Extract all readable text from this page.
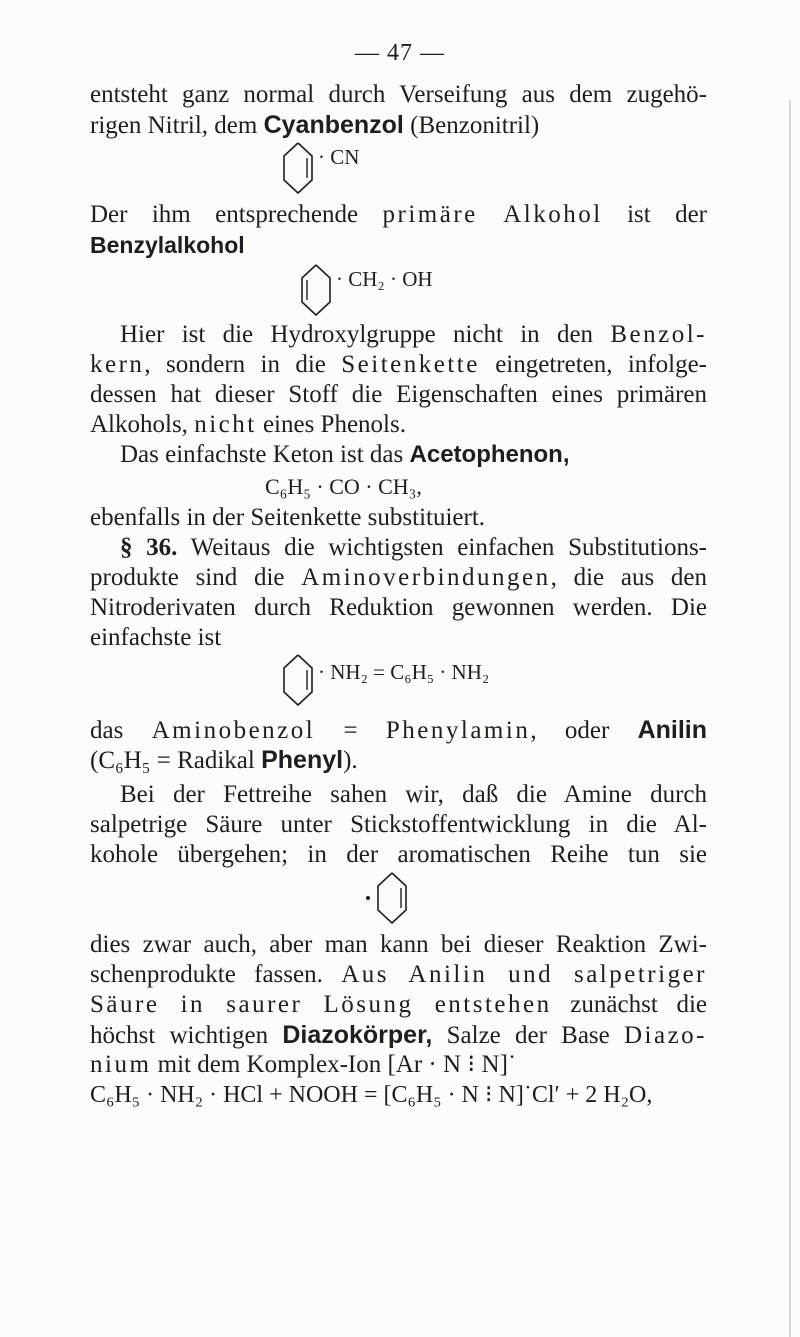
— 47 —
entsteht ganz normal durch Verseifung aus dem zugehö-
rigen Nitril, dem Cyanbenzol (Benzonitril)
· CN
Der ihm entsprechende primäre Alkohol ist der
Benzylalkohol
· CH₂ · OH
Hier ist die Hydroxylgruppe nicht in den Benzol-
kern, sondern in die Seitenkette eingetreten, infolge-
dessen hat dieser Stoff die Eigenschaften eines primären
Alkohols, nicht eines Phenols.
Das einfachste Keton ist das Acetophenon,
C₆H₅ · CO · CH₃,
ebenfalls in der Seitenkette substituiert.
§ 36. Weitaus die wichtigsten einfachen Substitutions-
produkte sind die Aminoverbindungen, die aus den
Nitroderivaten durch Reduktion gewonnen werden. Die
einfachste ist
· NH₂ = C₆H₅ · NH₂
das Aminobenzol = Phenylamin, oder Anilin
(C₆H₅ = Radikal Phenyl).
Bei der Fettreihe sahen wir, daß die Amine durch
salpetrige Säure unter Stickstoffentwicklung in die Al-
kohole übergehen; in der aromatischen Reihe tun sie
dies zwar auch, aber man kann bei dieser Reaktion Zwi-
schenprodukte fassen. Aus Anilin und salpetriger
Säure in saurer Lösung entstehen zunächst die
höchst wichtigen Diazokörper, Salze der Base Diazo-
nium mit dem Komplex-Ion [Ar · N ⁝ N]˙
C₆H₅ · NH₂ · HCl + NOOH = [C₆H₅ · N ⁝ N]˙Cl′ + 2 H₂O,
